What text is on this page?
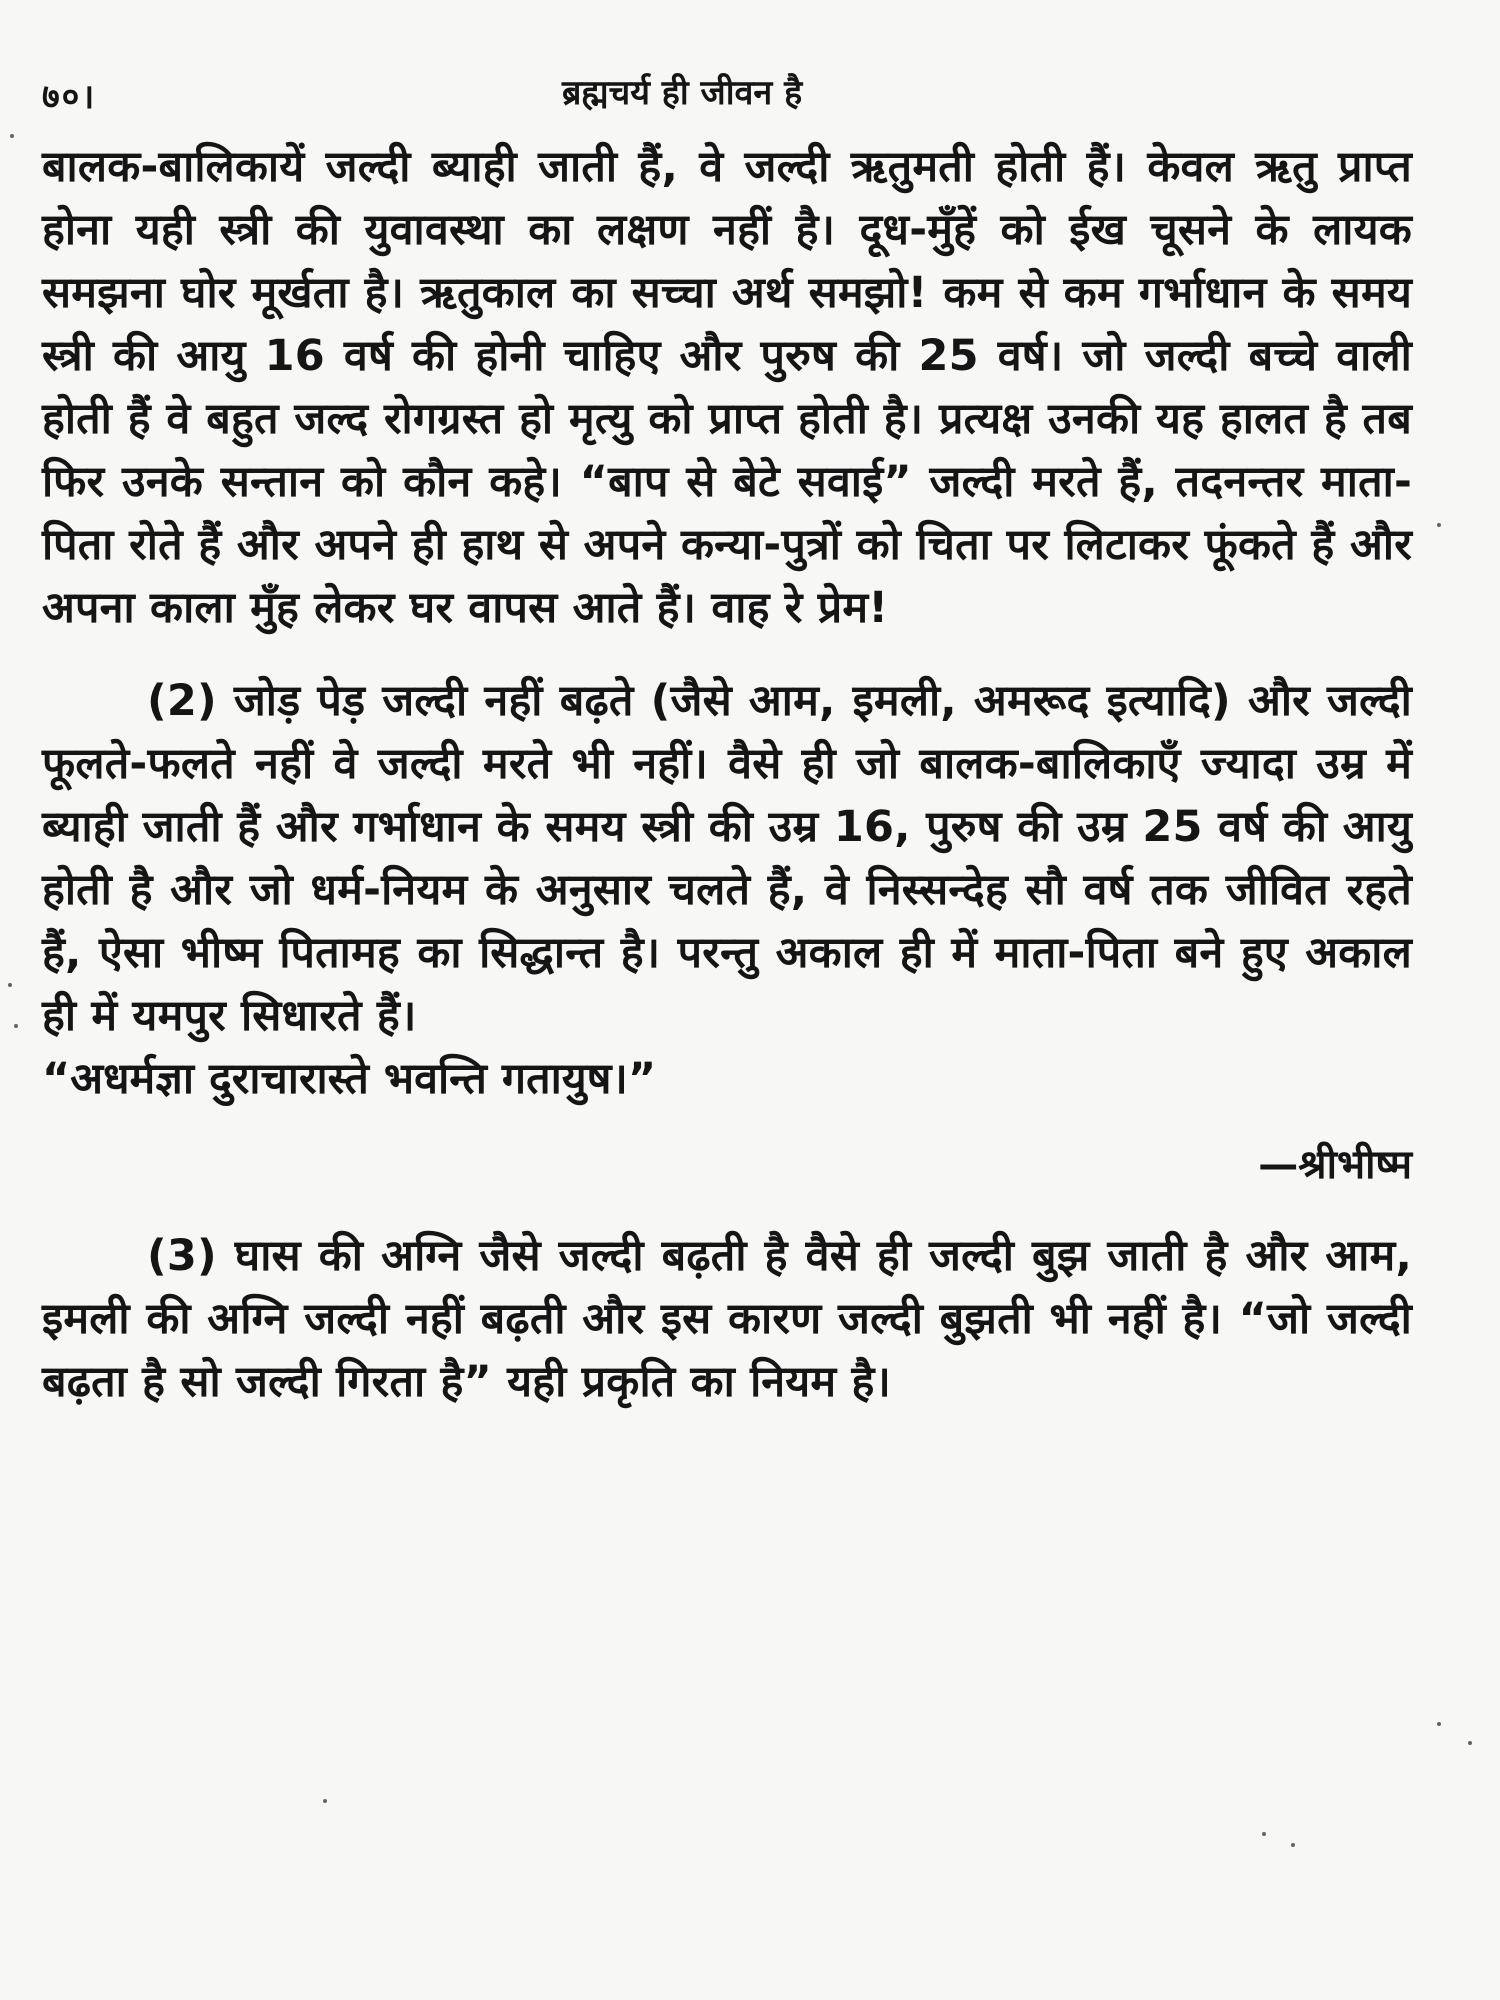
७०।	ब्रह्मचर्य ही जीवन है

बालक-बालिकायें जल्दी ब्याही जाती हैं, वे जल्दी ऋतुमती होती हैं। केवल ऋतु प्राप्त होना यही स्त्री की युवावस्था का लक्षण नहीं है। दूध-मुँहें को ईख चूसने के लायक समझना घोर मूर्खता है। ऋतुकाल का सच्चा अर्थ समझो! कम से कम गर्भाधान के समय स्त्री की आयु 16 वर्ष की होनी चाहिए और पुरुष की 25 वर्ष। जो जल्दी बच्चे वाली होती हैं वे बहुत जल्द रोगग्रस्त हो मृत्यु को प्राप्त होती है। प्रत्यक्ष उनकी यह हालत है तब फिर उनके सन्तान को कौन कहे। “बाप से बेटे सवाई” जल्दी मरते हैं, तदनन्तर माता-पिता रोते हैं और अपने ही हाथ से अपने कन्या-पुत्रों को चिता पर लिटाकर फूंकते हैं और अपना काला मुँह लेकर घर वापस आते हैं। वाह रे प्रेम!

(2) जोड़ पेड़ जल्दी नहीं बढ़ते (जैसे आम, इमली, अमरूद इत्यादि) और जल्दी फूलते-फलते नहीं वे जल्दी मरते भी नहीं। वैसे ही जो बालक-बालिकाएँ ज्यादा उम्र में ब्याही जाती हैं और गर्भाधान के समय स्त्री की उम्र 16, पुरुष की उम्र 25 वर्ष की आयु होती है और जो धर्म-नियम के अनुसार चलते हैं, वे निस्सन्देह सौ वर्ष तक जीवित रहते हैं, ऐसा भीष्म पितामह का सिद्धान्त है। परन्तु अकाल ही में माता-पिता बने हुए अकाल ही में यमपुर सिधारते हैं।

“अधर्मज्ञा दुराचारास्ते भवन्ति गतायुष।”

—श्रीभीष्म

(3) घास की अग्नि जैसे जल्दी बढ़ती है वैसे ही जल्दी बुझ जाती है और आम, इमली की अग्नि जल्दी नहीं बढ़ती और इस कारण जल्दी बुझती भी नहीं है। “जो जल्दी बढ़ता है सो जल्दी गिरता है” यही प्रकृति का नियम है।
